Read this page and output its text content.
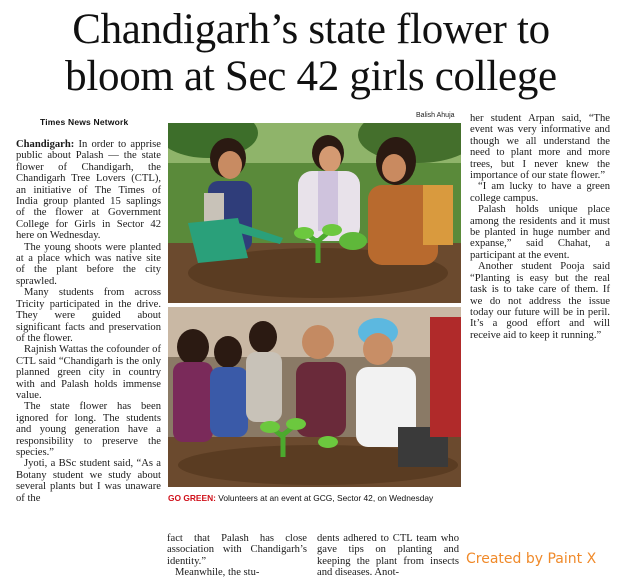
Chandigarh’s state flower to
bloom at Sec 42 girls college
Times News Network
Balish Ahuja

Chandigarh: In order to apprise public about Palash — the state flower of Chandigarh, the Chandigarh Tree Lovers (CTL), an initiative of The Times of India group planted 15 saplings of the flower at Government College for Girls in Sector 42 here on Wednesday.

The young shoots were planted at a place which was native site of the plant before the city sprawled.

Many students from across Tricity participated in the drive. They were guided about significant facts and preservation of the flower.

Rajnish Wattas the cofounder of CTL said “Chandigarh is the only planned green city in country with and Palash holds immense value.

The state flower has been ignored for long. The students and young generation have a responsibility to preserve the species.”

Jyoti, a BSc student said, “As a Botany student we study about several plants but I was unaware of the	GO GREEN: Volunteers at an event at GCG, Sector 42, on Wednesday

fact that Palash has close association with Chandigarh’s identity.”

Meanwhile, the stu-

dents adhered to CTL team who gave tips on planting and keeping the plant from insects and diseases. Anot-

her student Arpan said, “The event was very informative and though we all understand the need to plant more and more trees, but I never knew the importance of our state flower.”

“I am lucky to have a green college campus.

Palash holds unique place among the residents and it must be planted in huge number and expanse,” said Chahat, a participant at the event.

Another student Pooja said “Planting is easy but the real task is to take care of them. If we do not address the issue today our future will be in peril. It’s a good effort and will receive aid to keep it running.”

Created by Paint X
